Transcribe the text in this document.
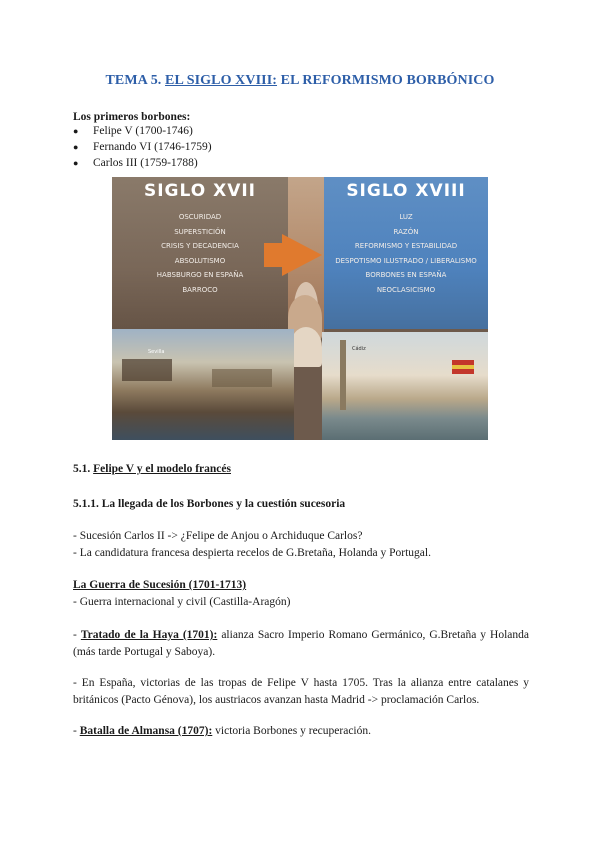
TEMA 5. EL SIGLO XVIII: EL REFORMISMO BORBÓNICO
Los primeros borbones:
● Felipe V (1700-1746)
● Fernando VI (1746-1759)
● Carlos III (1759-1788)
SIGLO XVII
OSCURIDAD
SUPERSTICIÓN
CRISIS Y DECADENCIA
ABSOLUTISMO
HABSBURGO EN ESPAÑA
BARROCO
SIGLO XVIII
LUZ
RAZÓN
REFORMISMO Y ESTABILIDAD
DESPOTISMO ILUSTRADO / LIBERALISMO
BORBONES EN ESPAÑA
NEOCLASICISMO
Sevilla	Cádiz
5.1. Felipe V y el modelo francés
5.1.1. La llegada de los Borbones y la cuestión sucesoria
- Sucesión Carlos II -> ¿Felipe de Anjou o Archiduque Carlos?
- La candidatura francesa despierta recelos de G.Bretaña, Holanda y Portugal.
La Guerra de Sucesión (1701-1713)
- Guerra internacional y civil (Castilla-Aragón)
- Tratado de la Haya (1701): alianza Sacro Imperio Romano Germánico, G.Bretaña y Holanda (más tarde Portugal y Saboya).
- En España, victorias de las tropas de Felipe V hasta 1705. Tras la alianza entre catalanes y británicos (Pacto Génova), los austriacos avanzan hasta Madrid -> proclamación Carlos.
- Batalla de Almansa (1707): victoria Borbones y recuperación.
